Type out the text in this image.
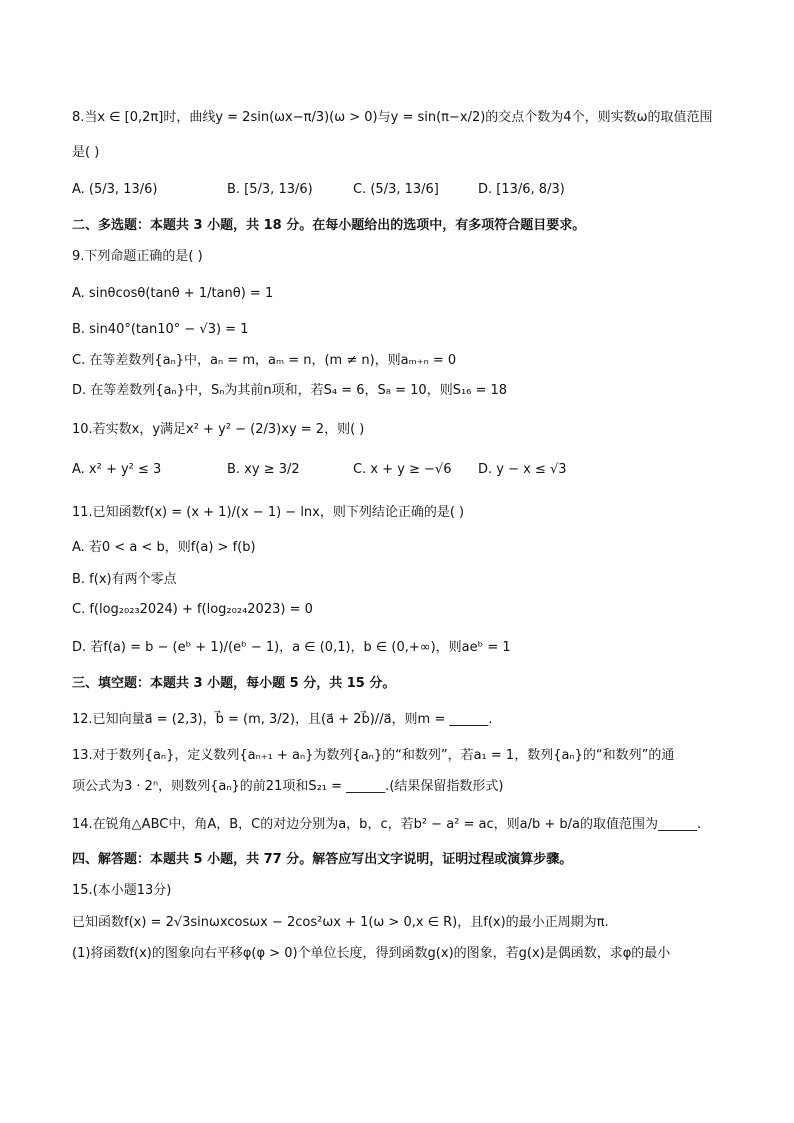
8.当x ∈ [0,2π]时，曲线y = 2sin(ωx−π/3)(ω > 0)与y = sin(π−x/2)的交点个数为4个，则实数ω的取值范围
是( )
A. (5/3, 13/6)	B. [5/3, 13/6)	C. (5/3, 13/6]	D. [13/6, 8/3)
二、多选题：本题共 3 小题，共 18 分。在每小题给出的选项中，有多项符合题目要求。
9.下列命题正确的是( )
A. sinθcosθ(tanθ + 1/tanθ) = 1
B. sin40°(tan10° − √3) = 1
C. 在等差数列{aₙ}中，aₙ = m，aₘ = n，(m ≠ n)，则aₘ₊ₙ = 0
D. 在等差数列{aₙ}中，Sₙ为其前n项和，若S₄ = 6，S₈ = 10，则S₁₆ = 18
10.若实数x，y满足x² + y² − (2/3)xy = 2，则( )
A. x² + y² ≤ 3	B. xy ≥ 3/2	C. x + y ≥ −√6 D. y − x ≤ √3
11.已知函数f(x) = (x + 1)/(x − 1) − lnx，则下列结论正确的是( )
A. 若0 < a < b，则f(a) > f(b)
B. f(x)有两个零点
C. f(log₂₀₂₃2024) + f(log₂₀₂₄2023) = 0
D. 若f(a) = b − (eᵇ + 1)/(eᵇ − 1)，a ∈ (0,1)，b ∈ (0,+∞)，则aeᵇ = 1
三、填空题：本题共 3 小题，每小题 5 分，共 15 分。
12.已知向量a⃗ = (2,3)，b⃗ = (m, 3/2)，且(a⃗ + 2b⃗)//a⃗，则m = ______.
13.对于数列{aₙ}，定义数列{aₙ₊₁ + aₙ}为数列{aₙ}的“和数列”，若a₁ = 1，数列{aₙ}的“和数列”的通
项公式为3 · 2ⁿ，则数列{aₙ}的前21项和S₂₁ = ______.(结果保留指数形式)
14.在锐角△ABC中，角A，B，C的对边分别为a，b，c，若b² − a² = ac，则a/b + b/a的取值范围为______.
四、解答题：本题共 5 小题，共 77 分。解答应写出文字说明，证明过程或演算步骤。
15.(本小题13分)
已知函数f(x) = 2√3sinωxcosωx − 2cos²ωx + 1(ω > 0,x ∈ R)，且f(x)的最小正周期为π.
(1)将函数f(x)的图象向右平移φ(φ > 0)个单位长度，得到函数g(x)的图象，若g(x)是偶函数，求φ的最小
